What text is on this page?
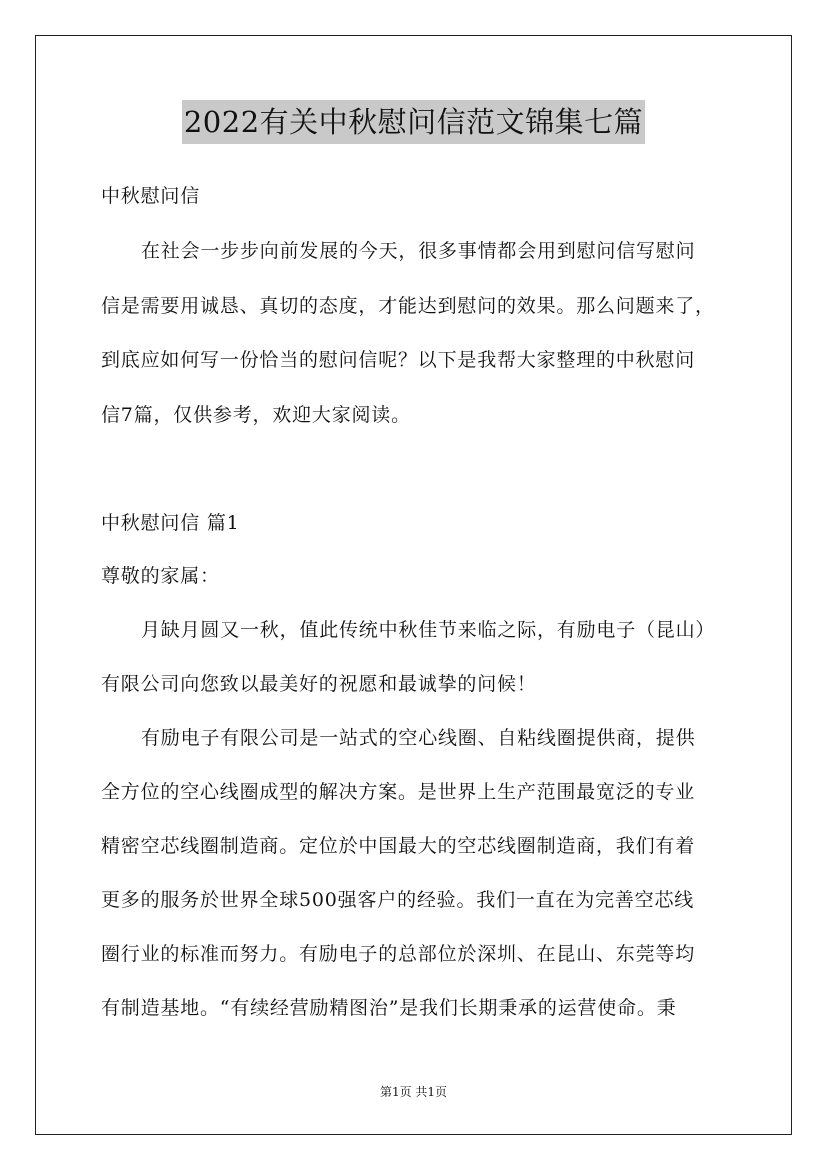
2022有关中秋慰问信范文锦集七篇
中秋慰问信
在社会一步步向前发展的今天，很多事情都会用到慰问信写慰问
信是需要用诚恳、真切的态度，才能达到慰问的效果。那么问题来了，
到底应如何写一份恰当的慰问信呢？以下是我帮大家整理的中秋慰问
信7篇，仅供参考，欢迎大家阅读。
中秋慰问信 篇1
尊敬的家属：
月缺月圆又一秋，值此传统中秋佳节来临之际，有励电子（昆山）
有限公司向您致以最美好的祝愿和最诚挚的问候！
有励电子有限公司是一站式的空心线圈、自粘线圈提供商，提供
全方位的空心线圈成型的解决方案。是世界上生产范围最宽泛的专业
精密空芯线圈制造商。定位於中国最大的空芯线圈制造商，我们有着
更多的服务於世界全球500强客户的经验。我们一直在为完善空芯线
圈行业的标准而努力。有励电子的总部位於深圳、在昆山、东莞等均
有制造基地。“有续经营励精图治”是我们长期秉承的运营使命。秉
第1页 共1页
